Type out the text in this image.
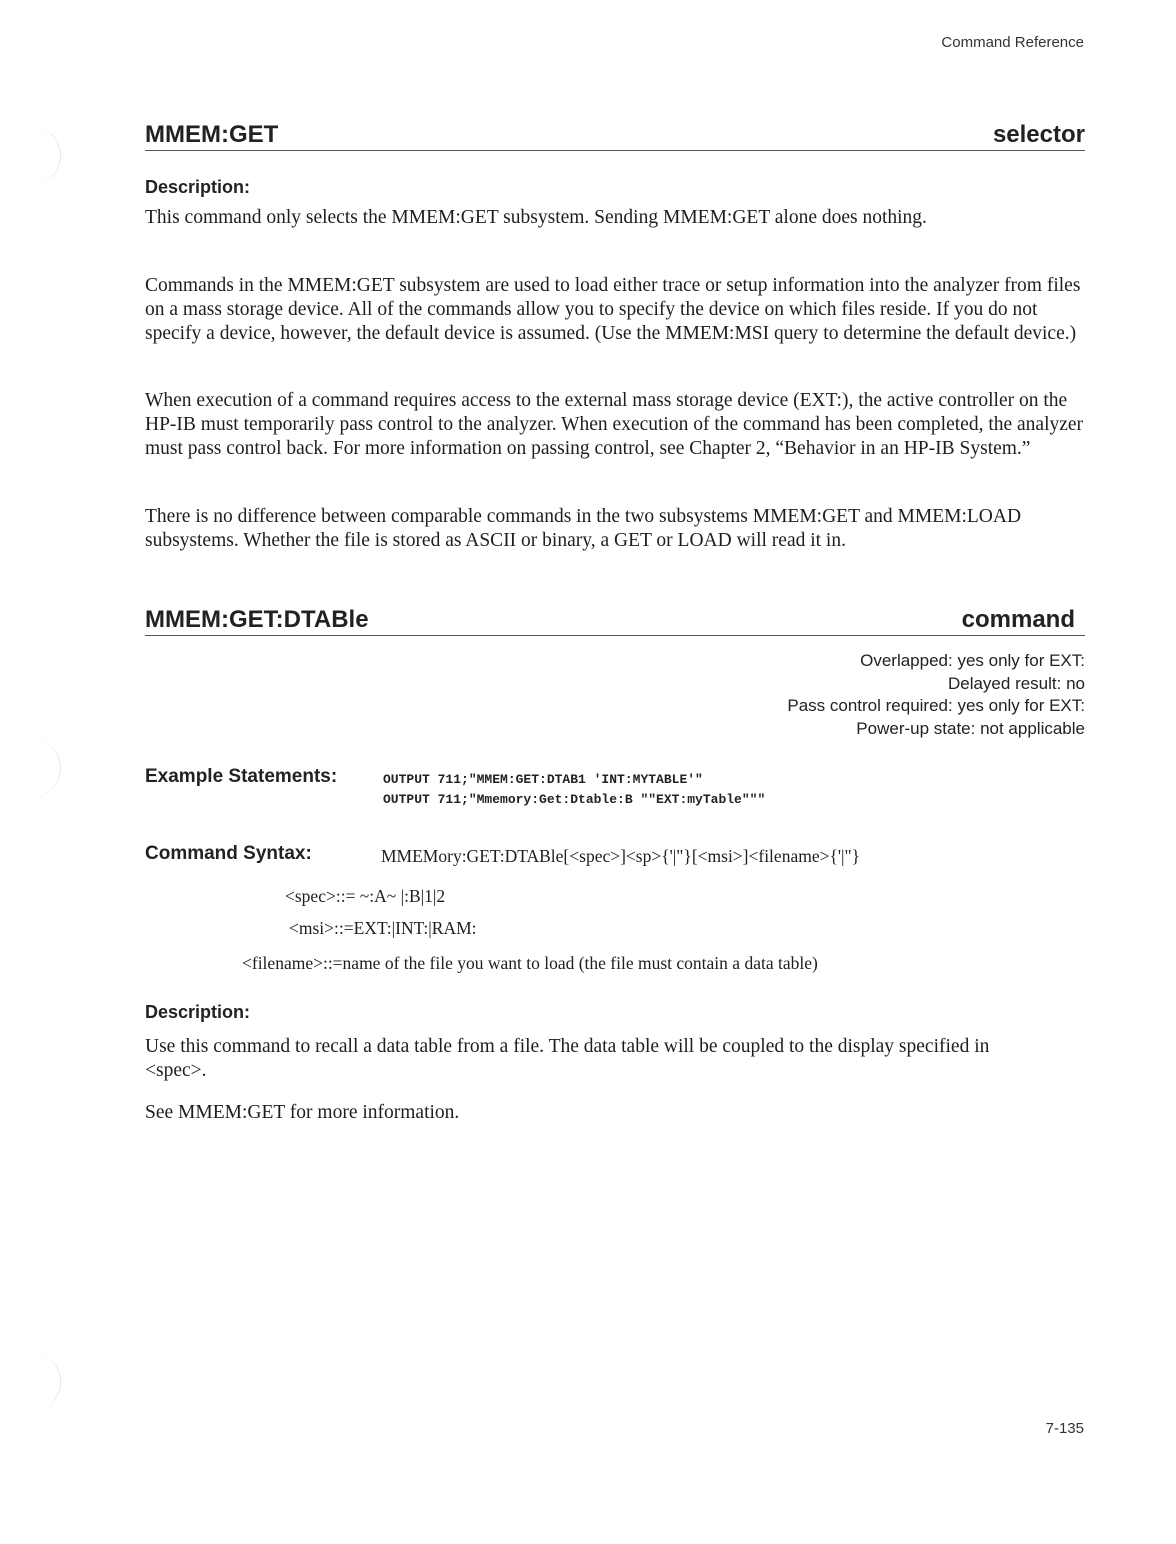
Command Reference
MMEM:GET	selector
Description:

This command only selects the MMEM:GET subsystem. Sending MMEM:GET alone does nothing.

Commands in the MMEM:GET subsystem are used to load either trace or setup information into the analyzer from files on a mass storage device. All of the commands allow you to specify the device on which files reside. If you do not specify a device, however, the default device is assumed. (Use the MMEM:MSI query to determine the default device.)

When execution of a command requires access to the external mass storage device (EXT:), the active controller on the HP-IB must temporarily pass control to the analyzer. When execution of the command has been completed, the analyzer must pass control back. For more information on passing control, see Chapter 2, “Behavior in an HP-IB System.”

There is no difference between comparable commands in the two subsystems MMEM:GET and MMEM:LOAD subsystems. Whether the file is stored as ASCII or binary, a GET or LOAD will read it in.

MMEM:GET:DTABle	command
Overlapped: yes only for EXT:
Delayed result: no
Pass control required: yes only for EXT:
Power-up state: not applicable
Example Statements:	OUTPUT 711;"MMEM:GET:DTAB1 'INT:MYTABLE'"
OUTPUT 711;"Mmemory:Get:Dtable:B ""EXT:myTable"""
Command Syntax:	MMEMory:GET:DTABle[<spec>]<sp>{'|"}[<msi>]<filename>{'|"}
<spec>::= ~:A~ |:B|1|2
<msi>::=EXT:|INT:|RAM:
<filename>::=name of the file you want to load (the file must contain a data table)
Description:

Use this command to recall a data table from a file. The data table will be coupled to the display specified in <spec>.

See MMEM:GET for more information.

7-135
